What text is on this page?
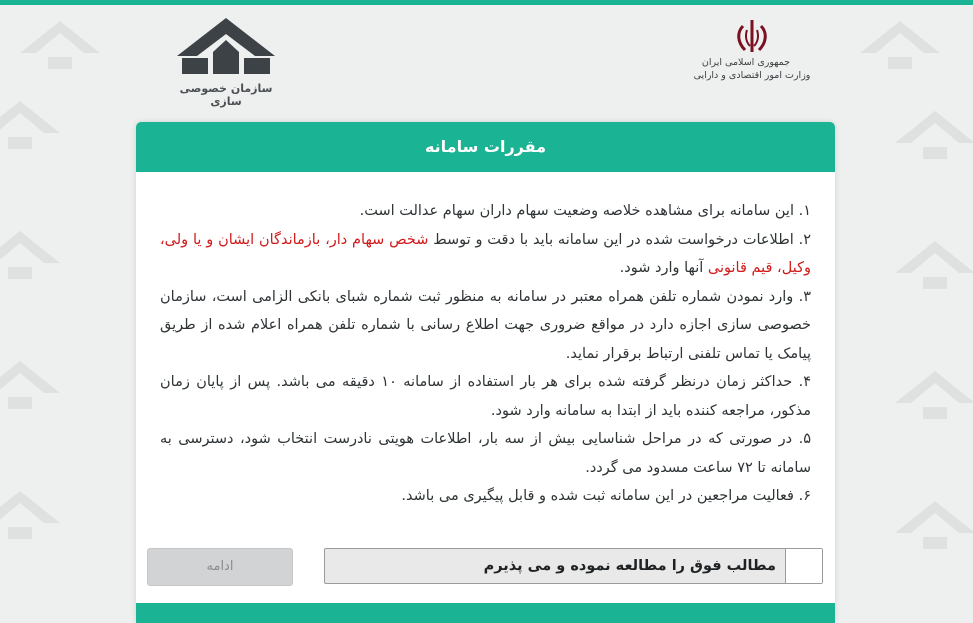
سازمان خصوصی سازی
جمهوری اسلامی ایران
وزارت امور اقتصادی و دارایی
مقررات سامانه

۱. این سامانه برای مشاهده خلاصه وضعیت سهام داران سهام عدالت است.

۲. اطلاعات درخواست شده در این سامانه باید با دقت و توسط شخص سهام دار، بازماندگان ایشان و یا ولی، وکیل، قیم قانونی آنها وارد شود.

۳. وارد نمودن شماره تلفن همراه معتبر در سامانه به منظور ثبت شماره شبای بانکی الزامی است، سازمان خصوصی سازی اجازه دارد در مواقع ضروری جهت اطلاع رسانی با شماره تلفن همراه اعلام شده از طریق پیامک یا تماس تلفنی ارتباط برقرار نماید.

۴. حداکثر زمان درنظر گرفته شده برای هر بار استفاده از سامانه ۱۰ دقیقه می باشد. پس از پایان زمان مذکور، مراجعه کننده باید از ابتدا به سامانه وارد شود.

۵. در صورتی که در مراحل شناسایی بیش از سه بار، اطلاعات هویتی نادرست انتخاب شود، دسترسی به سامانه تا ۷۲ ساعت مسدود می گردد.

۶. فعالیت مراجعین در این سامانه ثبت شده و قابل پیگیری می باشد.

مطالب فوق را مطالعه نموده و می پذیرم
ادامه
